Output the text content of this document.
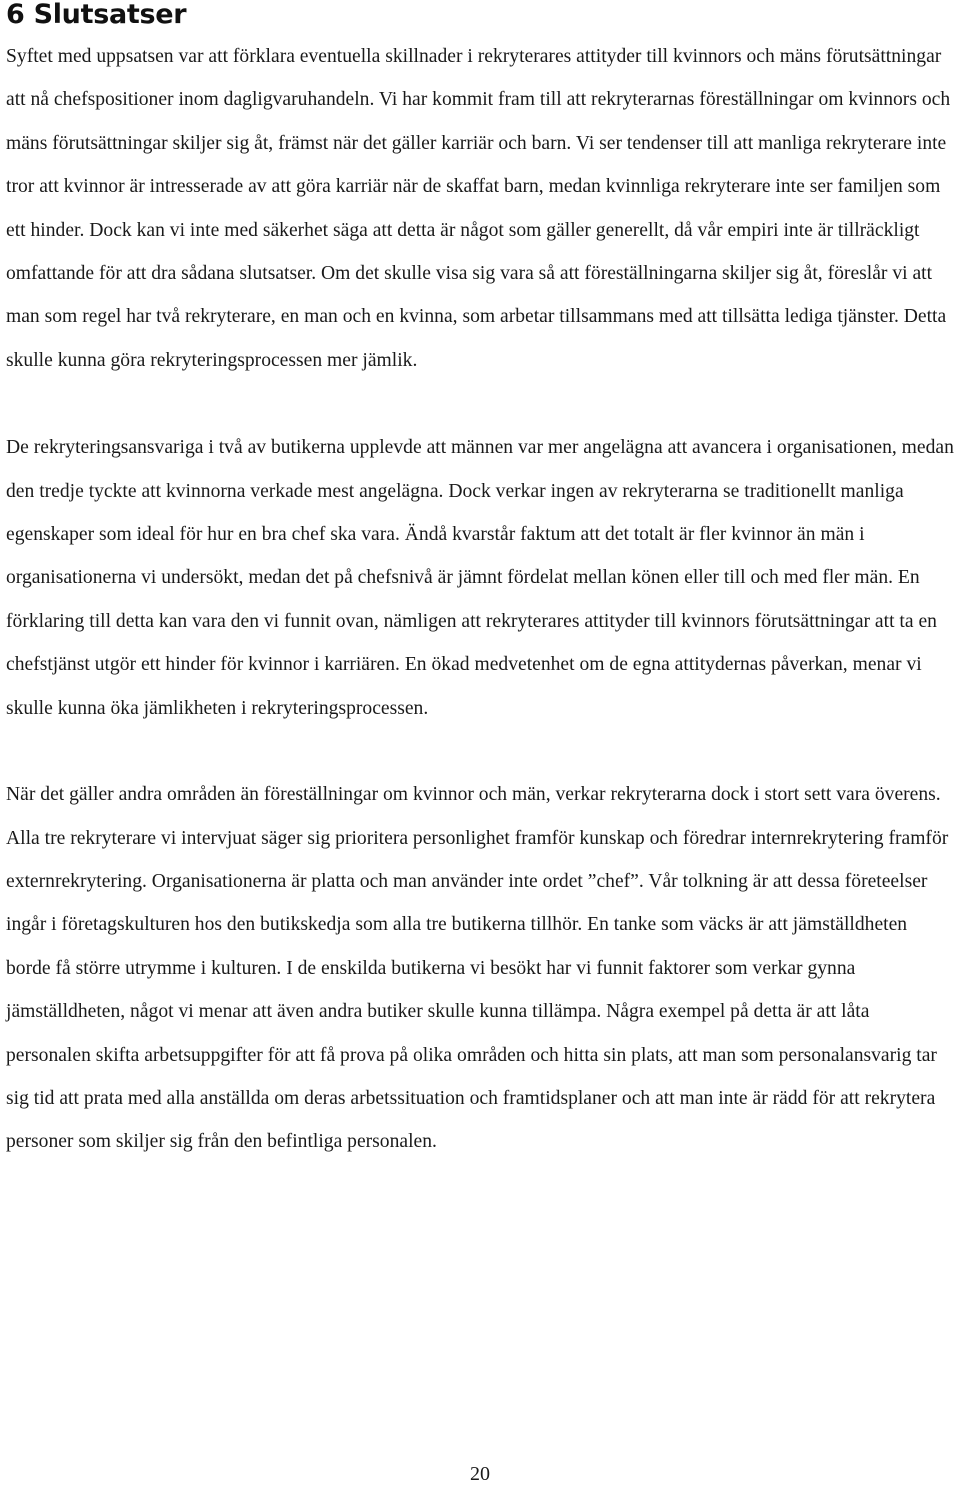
6 Slutsatser

Syftet med uppsatsen var att förklara eventuella skillnader i rekryterares attityder till kvinnors och mäns förutsättningar att nå chefspositioner inom dagligvaruhandeln. Vi har kommit fram till att rekryterarnas föreställningar om kvinnors och mäns förutsättningar skiljer sig åt, främst när det gäller karriär och barn. Vi ser tendenser till att manliga rekryterare inte tror att kvinnor är intresserade av att göra karriär när de skaffat barn, medan kvinnliga rekryterare inte ser familjen som ett hinder. Dock kan vi inte med säkerhet säga att detta är något som gäller generellt, då vår empiri inte är tillräckligt omfattande för att dra sådana slutsatser. Om det skulle visa sig vara så att föreställningarna skiljer sig åt, föreslår vi att man som regel har två rekryterare, en man och en kvinna, som arbetar tillsammans med att tillsätta lediga tjänster. Detta skulle kunna göra rekryteringsprocessen mer jämlik.

De rekryteringsansvariga i två av butikerna upplevde att männen var mer angelägna att avancera i organisationen, medan den tredje tyckte att kvinnorna verkade mest angelägna. Dock verkar ingen av rekryterarna se traditionellt manliga egenskaper som ideal för hur en bra chef ska vara. Ändå kvarstår faktum att det totalt är fler kvinnor än män i organisationerna vi undersökt, medan det på chefsnivå är jämnt fördelat mellan könen eller till och med fler män. En förklaring till detta kan vara den vi funnit ovan, nämligen att rekryterares attityder till kvinnors förutsättningar att ta en chefstjänst utgör ett hinder för kvinnor i karriären. En ökad medvetenhet om de egna attitydernas påverkan, menar vi skulle kunna öka jämlikheten i rekryteringsprocessen.

När det gäller andra områden än föreställningar om kvinnor och män, verkar rekryterarna dock i stort sett vara överens. Alla tre rekryterare vi intervjuat säger sig prioritera personlighet framför kunskap och föredrar internrekrytering framför externrekrytering. Organisationerna är platta och man använder inte ordet ”chef”. Vår tolkning är att dessa företeelser ingår i företagskulturen hos den butikskedja som alla tre butikerna tillhör. En tanke som väcks är att jämställdheten borde få större utrymme i kulturen. I de enskilda butikerna vi besökt har vi funnit faktorer som verkar gynna jämställdheten, något vi menar att även andra butiker skulle kunna tillämpa. Några exempel på detta är att låta personalen skifta arbetsuppgifter för att få prova på olika områden och hitta sin plats, att man som personalansvarig tar sig tid att prata med alla anställda om deras arbetssituation och framtidsplaner och att man inte är rädd för att rekrytera personer som skiljer sig från den befintliga personalen.

20
